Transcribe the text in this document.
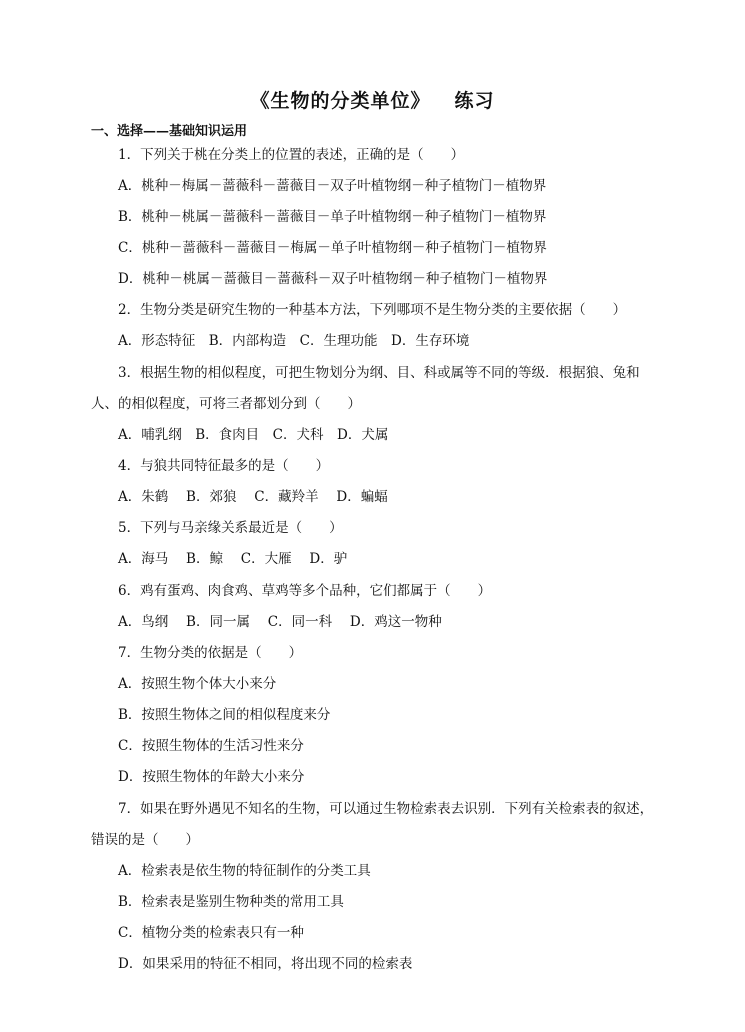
《生物的分类单位》 练习
一、选择——基础知识运用
1．下列关于桃在分类上的位置的表述，正确的是（　　）
A．桃种－梅属－蔷薇科－蔷薇目－双子叶植物纲－种子植物门－植物界
B．桃种－桃属－蔷薇科－蔷薇目－单子叶植物纲－种子植物门－植物界
C．桃种－蔷薇科－蔷薇目－梅属－单子叶植物纲－种子植物门－植物界
D．桃种－桃属－蔷薇目－蔷薇科－双子叶植物纲－种子植物门－植物界
2．生物分类是研究生物的一种基本方法，下列哪项不是生物分类的主要依据（　　）
A．形态特征　B．内部构造　C．生理功能　D．生存环境
3．根据生物的相似程度，可把生物划分为纲、目、科或属等不同的等级．根据狼、兔和
人、的相似程度，可将三者都划分到（　　）
A．哺乳纲　B．食肉目　C．犬科　D．犬属
4．与狼共同特征最多的是（　　）
A．朱鹤　 B．郊狼　 C．藏羚羊　 D．蝙蝠
5．下列与马亲缘关系最近是（　　）
A．海马　 B．鲸　 C．大雁　 D．驴
6．鸡有蛋鸡、肉食鸡、草鸡等多个品种，它们都属于（　　）
A．鸟纲　 B．同一属　 C．同一科　 D．鸡这一物种
7．生物分类的依据是（　　）
A．按照生物个体大小来分
B．按照生物体之间的相似程度来分
C．按照生物体的生活习性来分
D．按照生物体的年龄大小来分
7．如果在野外遇见不知名的生物，可以通过生物检索表去识别．下列有关检索表的叙述，
错误的是（　　）
A．检索表是依生物的特征制作的分类工具
B．检索表是鉴别生物种类的常用工具
C．植物分类的检索表只有一种
D．如果采用的特征不相同，将出现不同的检索表
